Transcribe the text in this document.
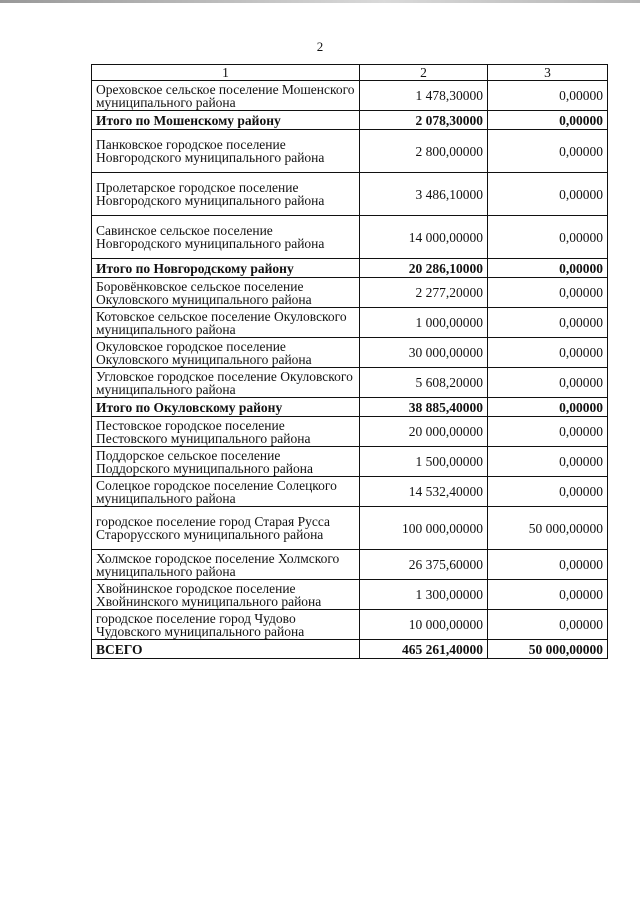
2
1	2	3
Ореховское сельское поселение Мошенского муниципального района	1 478,30000	0,00000
Итого по Мошенскому району	2 078,30000	0,00000
Панковское городское поселение Новгородского муниципального района	2 800,00000	0,00000
Пролетарское городское поселение Новгородского муниципального района	3 486,10000	0,00000
Савинское сельское поселение Новгородского муниципального района	14 000,00000	0,00000
Итого по Новгородскому району	20 286,10000	0,00000
Боровёнковское сельское поселение Окуловского муниципального района	2 277,20000	0,00000
Котовское сельское поселение Окуловского муниципального района	1 000,00000	0,00000
Окуловское городское поселение Окуловского муниципального района	30 000,00000	0,00000
Угловское городское поселение Окуловского муниципального района	5 608,20000	0,00000
Итого по Окуловскому району	38 885,40000	0,00000
Пестовское городское поселение Пестовского муниципального района	20 000,00000	0,00000
Поддорское сельское поселение Поддорского муниципального района	1 500,00000	0,00000
Солецкое городское поселение Солецкого муниципального района	14 532,40000	0,00000
городское поселение город Старая Русса Старорусского муниципального района	100 000,00000	50 000,00000
Холмское городское поселение Холмского муниципального района	26 375,60000	0,00000
Хвойнинское городское поселение Хвойнинского муниципального района	1 300,00000	0,00000
городское поселение город Чудово Чудовского муниципального района	10 000,00000	0,00000
ВСЕГО	465 261,40000	50 000,00000
